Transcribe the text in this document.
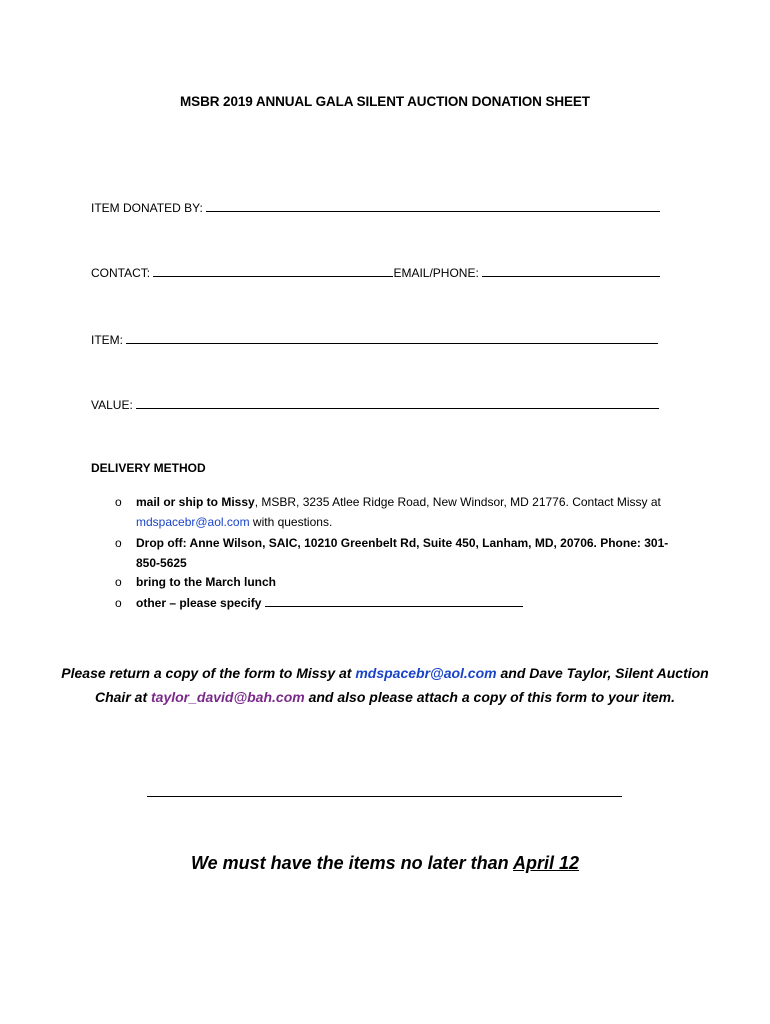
MSBR 2019 ANNUAL GALA SILENT AUCTION DONATION SHEET
ITEM DONATED BY:
CONTACT:	EMAIL/PHONE:
ITEM:
VALUE:
DELIVERY METHOD
o mail or ship to Missy, MSBR, 3235 Atlee Ridge Road, New Windsor, MD 21776. Contact Missy at mdspacebr@aol.com with questions.
o Drop off: Anne Wilson, SAIC, 10210 Greenbelt Rd, Suite 450, Lanham, MD, 20706. Phone: 301-850-5625
o bring to the March lunch
o other – please specify
Please return a copy of the form to Missy at mdspacebr@aol.com and Dave Taylor, Silent Auction Chair at taylor_david@bah.com and also please attach a copy of this form to your item.
We must have the items no later than April 12
